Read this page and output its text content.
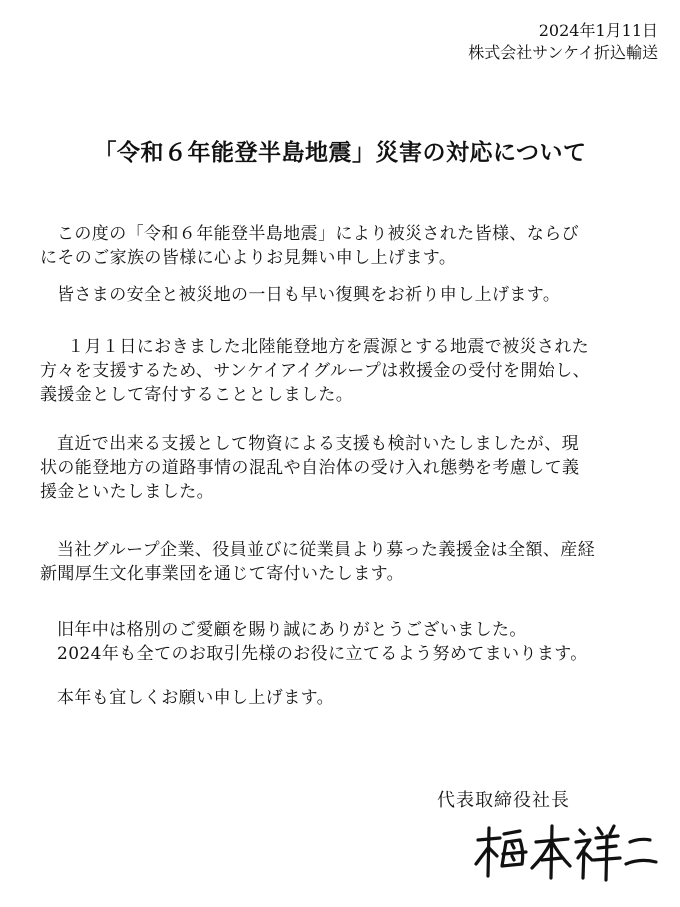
2024年1月11日
株式会社サンケイ折込輸送
「令和６年能登半島地震」災害の対応について
この度の「令和６年能登半島地震」により被災された皆様、ならび
にそのご家族の皆様に心よりお見舞い申し上げます。
皆さまの安全と被災地の一日も早い復興をお祈り申し上げます。
１月１日におきました北陸能登地方を震源とする地震で被災された
方々を支援するため、サンケイアイグループは救援金の受付を開始し、
義援金として寄付することとしました。
直近で出来る支援として物資による支援も検討いたしましたが、現
状の能登地方の道路事情の混乱や自治体の受け入れ態勢を考慮して義
援金といたしました。
当社グループ企業、役員並びに従業員より募った義援金は全額、産経
新聞厚生文化事業団を通じて寄付いたします。
旧年中は格別のご愛顧を賜り誠にありがとうございました。
2024年も全てのお取引先様のお役に立てるよう努めてまいります。
本年も宜しくお願い申し上げます。
代表取締役社長
